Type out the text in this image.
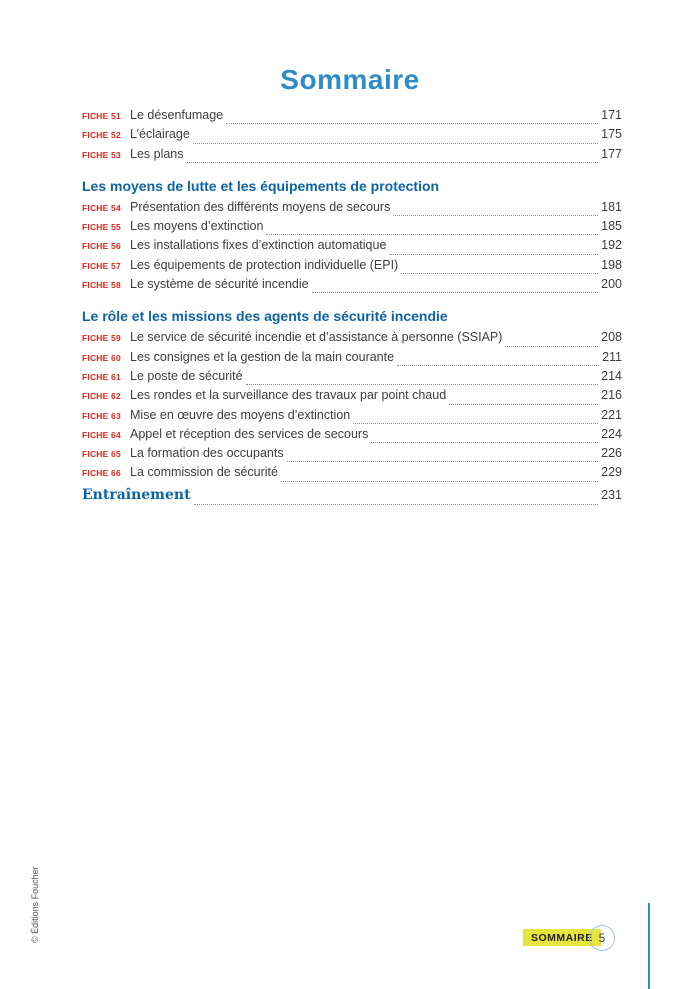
Sommaire
FICHE 51 Le désenfumage	171
FICHE 52 L’éclairage	175
FICHE 53 Les plans	177
Les moyens de lutte et les équipements de protection
FICHE 54 Présentation des différents moyens de secours	181
FICHE 55 Les moyens d’extinction	185
FICHE 56 Les installations fixes d’extinction automatique	192
FICHE 57 Les équipements de protection individuelle (EPI)	198
FICHE 58 Le système de sécurité incendie	200
Le rôle et les missions des agents de sécurité incendie
FICHE 59 Le service de sécurité incendie et d’assistance à personne (SSIAP)	208
FICHE 60 Les consignes et la gestion de la main courante	211
FICHE 61 Le poste de sécurité	214
FICHE 62 Les rondes et la surveillance des travaux par point chaud	216
FICHE 63 Mise en œuvre des moyens d’extinction	221
FICHE 64 Appel et réception des services de secours	224
FICHE 65 La formation des occupants	226
FICHE 66 La commission de sécurité	229
Entraînement	231
© Éditions Foucher	SOMMAIRE 5
